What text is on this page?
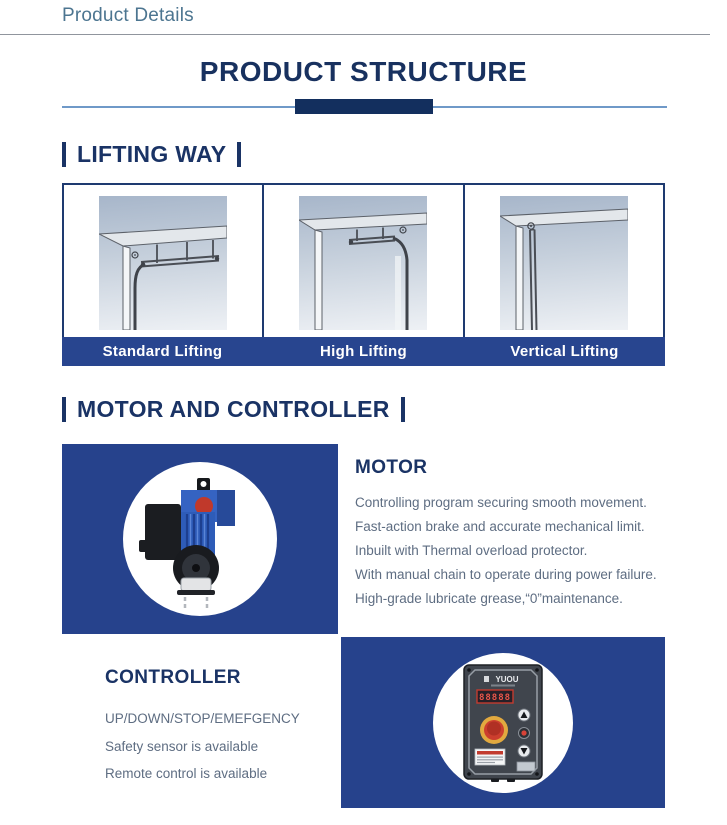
Product Details
PRODUCT STRUCTURE
LIFTING WAY
Standard Lifting	High Lifting	Vertical Lifting
MOTOR AND CONTROLLER
MOTOR

Controlling program securing smooth movement.

Fast-action brake and accurate mechanical limit.

Inbuilt with Thermal overload protector.

With manual chain to operate during power failure.

High-grade lubricate grease,“0”maintenance.

CONTROLLER

UP/DOWN/STOP/EMEFGENCY

Safety sensor is available

Remote control is available

YUOU
88888
